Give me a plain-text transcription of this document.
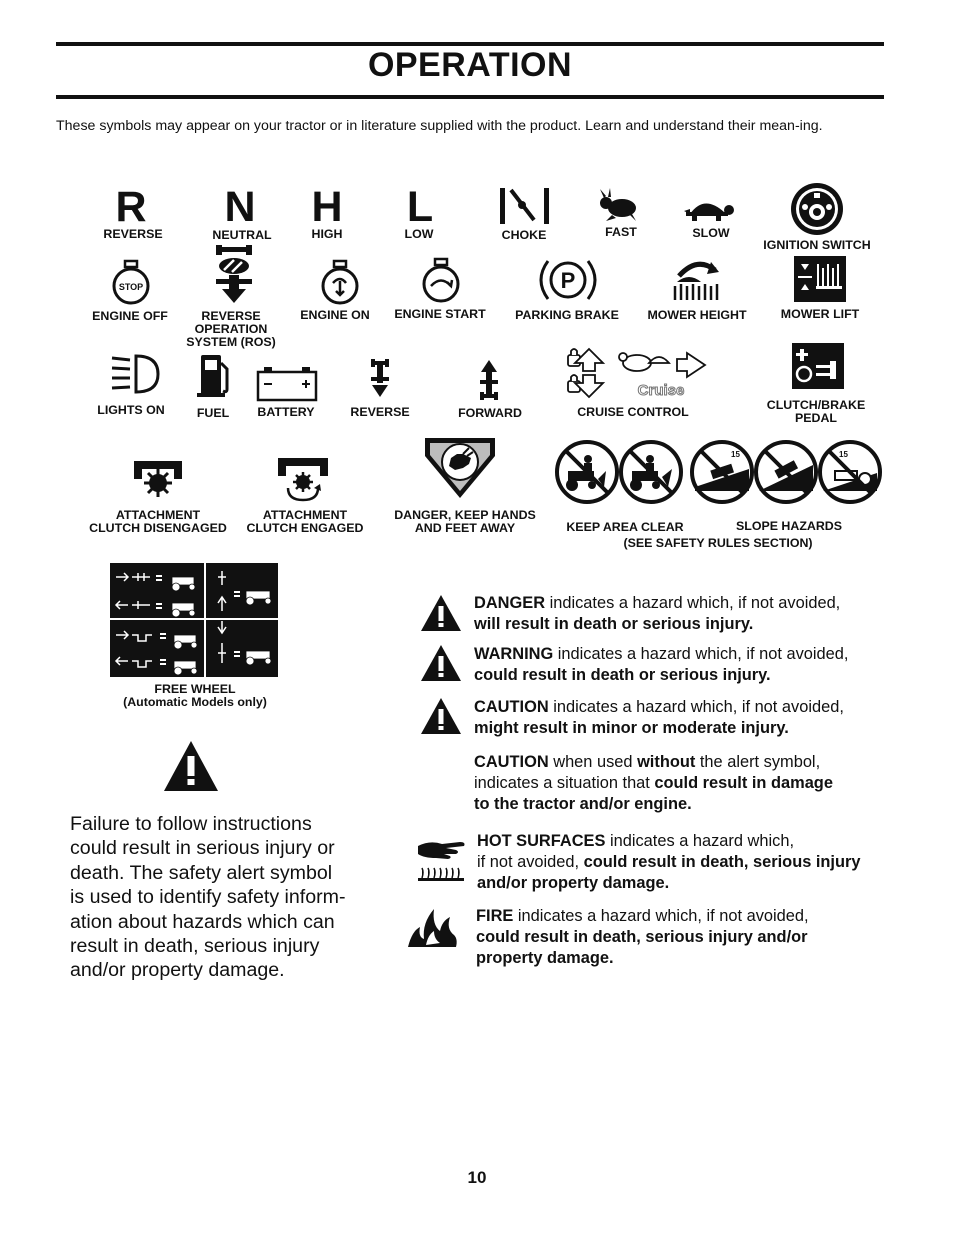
OPERATION
These symbols may appear on your tractor or in literature supplied with the product. Learn and understand their mean-ing.
R N H L
REVERSE	NEUTRAL	HIGH	LOW	CHOKE	FAST	SLOW
IGNITION SWITCH
STOP
ENGINE OFF	REVERSE
OPERATION
SYSTEM (ROS)
ENGINE ON ENGINE START
P
PARKING BRAKE MOWER HEIGHT	MOWER LIFT
LIGHTS ON	FUEL BATTERY	REVERSE	FORWARD
Cruise
CRUISE CONTROL	CLUTCH/BRAKE
PEDAL
ATTACHMENT
CLUTCH DISENGAGED
ATTACHMENT
CLUTCH ENGAGED
DANGER, KEEP HANDS
AND FEET AWAY
15	15
KEEP AREA CLEAR	SLOPE HAZARDS
(SEE SAFETY RULES SECTION)
FREE WHEEL
(Automatic Models only)
DANGER indicates a hazard which, if not avoided,
will result in death or serious injury.
WARNING indicates a hazard which, if not avoided,
could result in death or serious injury.
CAUTION indicates a hazard which, if not avoided,
might result in minor or moderate injury.
CAUTION when used without the alert symbol,
indicates a situation that could result in damage
to the tractor and/or engine.
HOT SURFACES indicates a hazard which,
if not avoided, could result in death, serious injury
and/or property damage.
FIRE indicates a hazard which, if not avoided,
could result in death, serious injury and/or
property damage.
Failure to follow instructions
could result in serious injury or
death. The safety alert symbol
is used to identify safety inform-
ation about hazards which can
result in death, serious injury
and/or property damage.
10
